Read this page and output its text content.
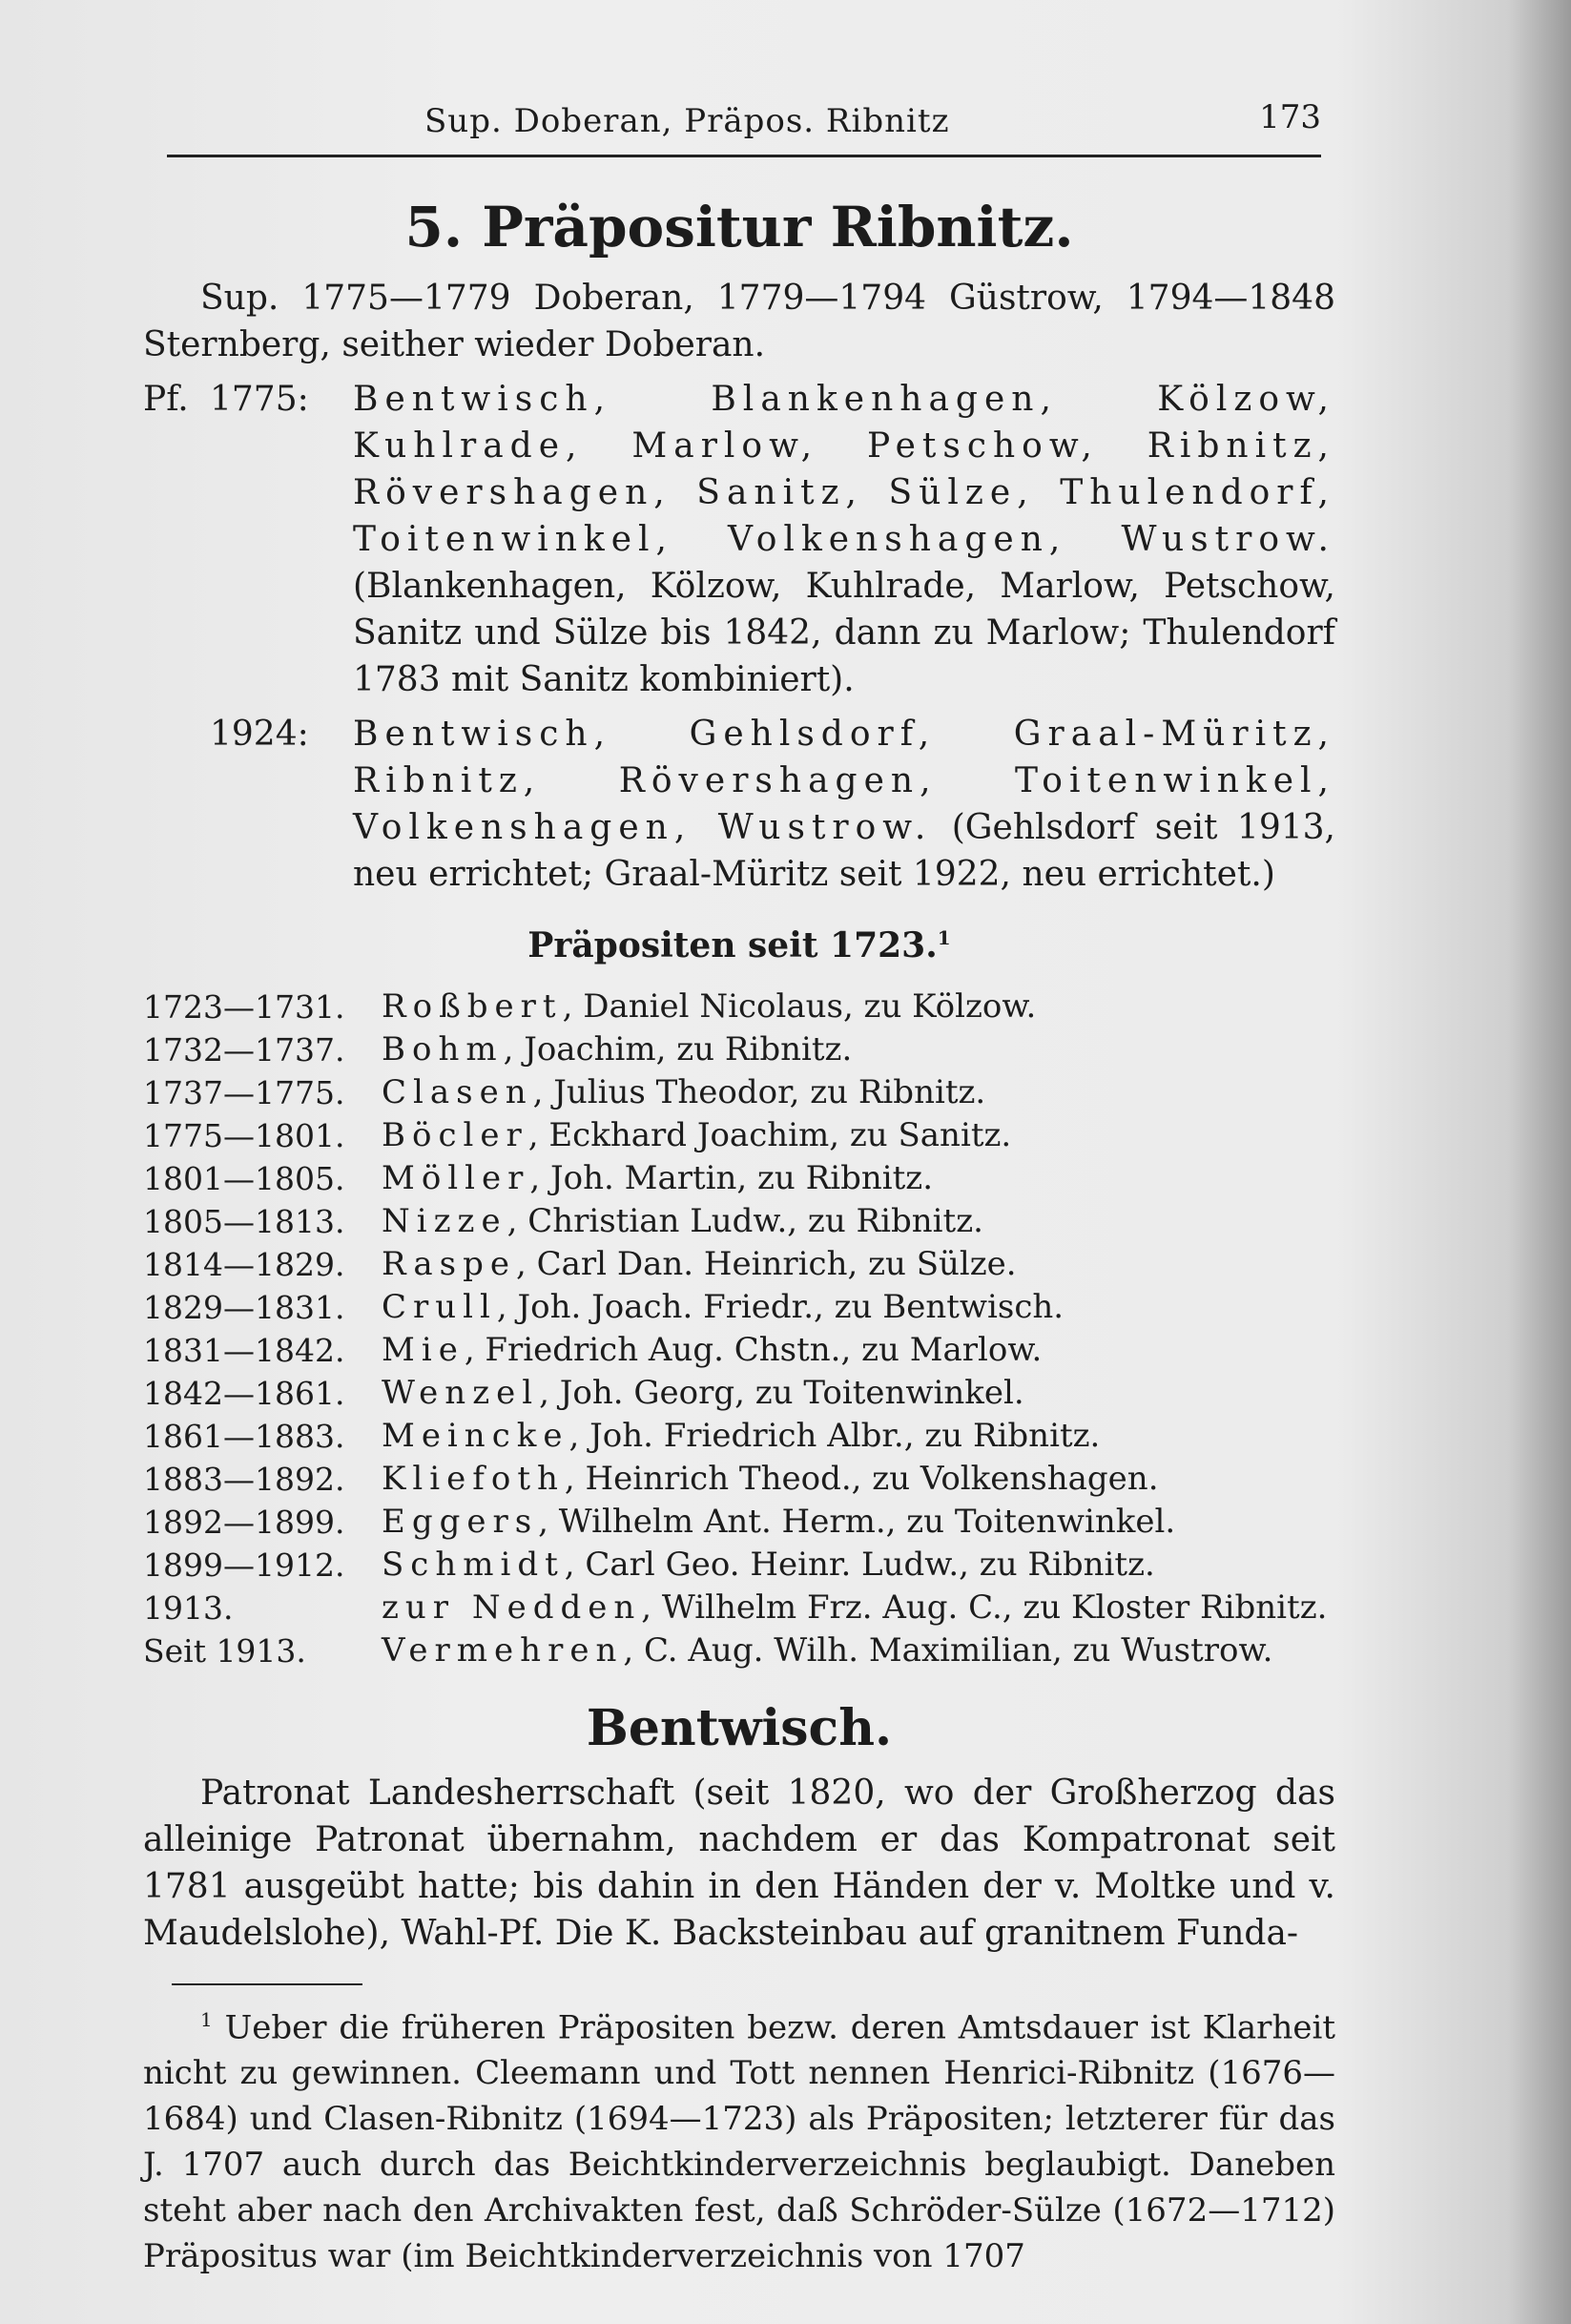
Sup. Doberan, Präpos. Ribnitz	173
5. Präpositur Ribnitz.

Sup. 1775—1779 Doberan, 1779—1794 Güstrow, 1794—1848 Sternberg, seither wieder Doberan.

Pf. 1775:	Bentwisch, Blankenhagen, Kölzow, Kuhlrade, Marlow, Petschow, Ribnitz, Rövershagen, Sanitz, Sülze, Thulendorf, Toitenwinkel, Volkenshagen, Wustrow. (Blankenhagen, Kölzow, Kuhlrade, Marlow, Petschow, Sanitz und Sülze bis 1842, dann zu Marlow; Thulendorf 1783 mit Sanitz kombiniert).
1924:	Bentwisch, Gehlsdorf, Graal-Müritz, Ribnitz, Rövershagen, Toitenwinkel, Volkenshagen, Wustrow. (Gehlsdorf seit 1913, neu errichtet; Graal-Müritz seit 1922, neu errichtet.)
Präpositen seit 1723.$^1$
1723—1731.	Roßbert, Daniel Nicolaus, zu Kölzow.
1732—1737.	Bohm, Joachim, zu Ribnitz.
1737—1775.	Clasen, Julius Theodor, zu Ribnitz.
1775—1801.	Böcler, Eckhard Joachim, zu Sanitz.
1801—1805.	Möller, Joh. Martin, zu Ribnitz.
1805—1813.	Nizze, Christian Ludw., zu Ribnitz.
1814—1829.	Raspe, Carl Dan. Heinrich, zu Sülze.
1829—1831.	Crull, Joh. Joach. Friedr., zu Bentwisch.
1831—1842.	Mie, Friedrich Aug. Chstn., zu Marlow.
1842—1861.	Wenzel, Joh. Georg, zu Toitenwinkel.
1861—1883.	Meincke, Joh. Friedrich Albr., zu Ribnitz.
1883—1892.	Kliefoth, Heinrich Theod., zu Volkenshagen.
1892—1899.	Eggers, Wilhelm Ant. Herm., zu Toitenwinkel.
1899—1912.	Schmidt, Carl Geo. Heinr. Ludw., zu Ribnitz.
1913.	zur Nedden, Wilhelm Frz. Aug. C., zu Kloster Ribnitz.
Seit 1913.	Vermehren, C. Aug. Wilh. Maximilian, zu Wustrow.
Bentwisch.

Patronat Landesherrschaft (seit 1820, wo der Großherzog das alleinige Patronat übernahm, nachdem er das Kompatronat seit 1781 ausgeübt hatte; bis dahin in den Händen der v. Moltke und v. Maudelslohe), Wahl-Pf. Die K. Backsteinbau auf granitnem Funda-

$^1$ Ueber die früheren Präpositen bezw. deren Amtsdauer ist Klarheit nicht zu gewinnen. Cleemann und Tott nennen Henrici-Ribnitz (1676—1684) und Clasen-Ribnitz (1694—1723) als Präpositen; letzterer für das J. 1707 auch durch das Beichtkinderverzeichnis beglaubigt. Daneben steht aber nach den Archivakten fest, daß Schröder-Sülze (1672—1712) Präpositus war (im Beichtkinderverzeichnis von 1707
